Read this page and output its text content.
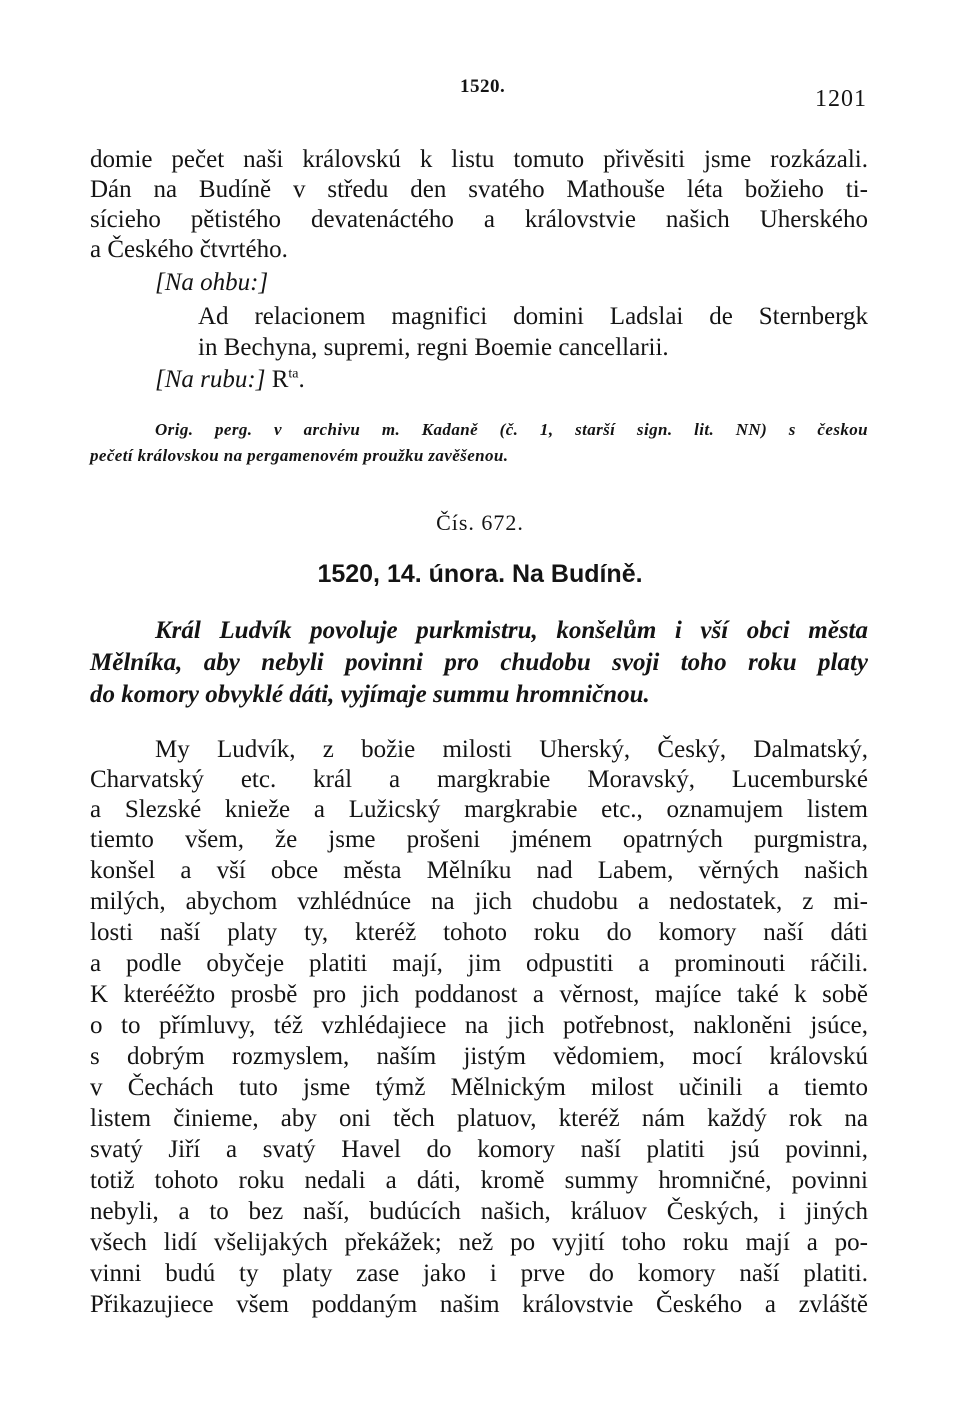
1520.	1201
domie pečet naši královskú k listu tomuto přivěsiti jsme rozkázali.
Dán na Budíně v středu den svatého Mathouše léta božieho ti-
sícieho pětistého devatenáctého a královstvie našich Uherského
a Českého čtvrtého.
[Na ohbu:]
Ad relacionem magnifici domini Ladslai de Sternbergk
in Bechyna, supremi, regni Boemie cancellarii.
[Na rubu:] $R^{ta}$.
Orig. perg. v archivu m. Kadaně (č. 1, starší sign. lit. NN) s českou
pečetí královskou na pergamenovém proužku zavěšenou.
Čís. 672.
1520, 14. února. Na Budíně.
Král Ludvík povoluje purkmistru, konšelům i vší obci města
Mělníka, aby nebyli povinni pro chudobu svoji toho roku platy
do komory obvyklé dáti, vyjímaje summu hromničnou.
My Ludvík, z božie milosti Uherský, Český, Dalmatský,
Charvatský etc. král a margkrabie Moravský, Lucemburské
a Slezské knieže a Lužicský margkrabie etc., oznamujem listem
tiemto všem, že jsme prošeni jménem opatrných purgmistra,
konšel a vší obce města Mělníku nad Labem, věrných našich
milých, abychom vzhlédnúce na jich chudobu a nedostatek, z mi-
losti naší platy ty, kteréž tohoto roku do komory naší dáti
a podle obyčeje platiti mají, jim odpustiti a prominouti ráčili.
K kterééžto prosbě pro jich poddanost a věrnost, majíce také k sobě
o to přímluvy, též vzhlédajiece na jich potřebnost, nakloněni jsúce,
s dobrým rozmyslem, naším jistým vědomiem, mocí královskú
v Čechách tuto jsme týmž Mělnickým milost učinili a tiemto
listem činieme, aby oni těch platuov, kteréž nám každý rok na
svatý Jiří a svatý Havel do komory naší platiti jsú povinni,
totiž tohoto roku nedali a dáti, kromě summy hromničné, povinni
nebyli, a to bez naší, budúcích našich, králuov Českých, i jiných
všech lidí všelijakých překážek; než po vyjití toho roku mají a po-
vinni budú ty platy zase jako i prve do komory naší platiti.
Přikazujiece všem poddaným našim královstvie Českého a zvláště
